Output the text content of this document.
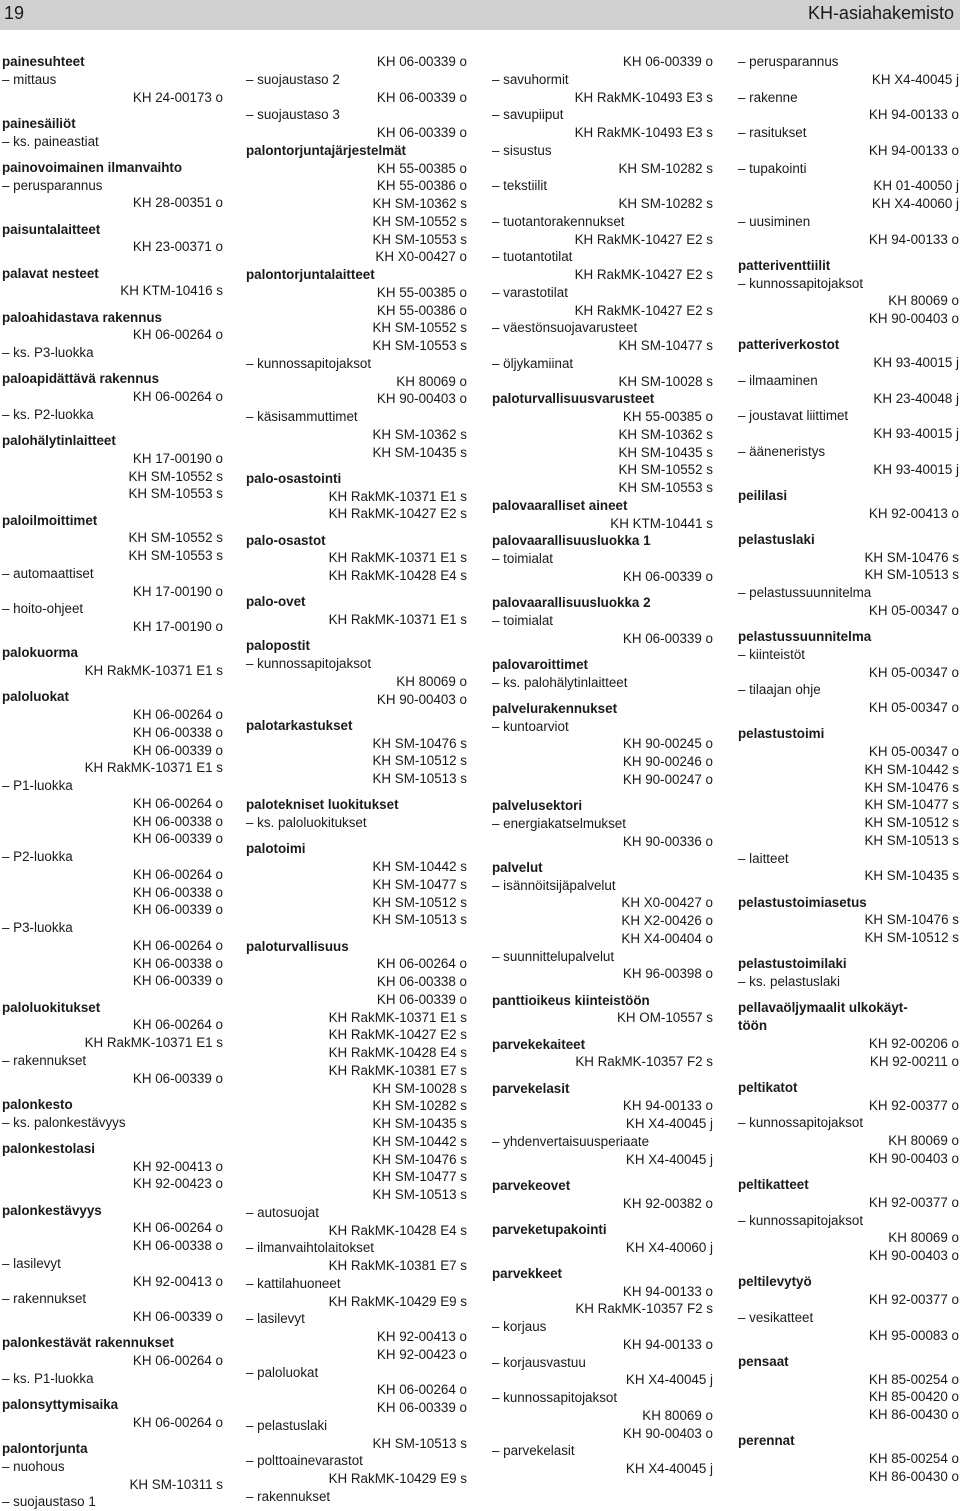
19	KH-asiahakemisto
painesuhteet
– mittaus
KH 24-00173 o
painesäiliöt
– ks. paineastiat
painovoimainen ilmanvaihto
– perusparannus
KH 28-00351 o
paisuntalaitteet
KH 23-00371 o
palavat nesteet
KH KTM-10416 s
paloahidastava rakennus
KH 06-00264 o
– ks. P3-luokka
paloapidättävä rakennus
KH 06-00264 o
– ks. P2-luokka
palohälytinlaitteet
KH 17-00190 o
KH SM-10552 s
KH SM-10553 s
paloilmoittimet
KH SM-10552 s
KH SM-10553 s
– automaattiset
KH 17-00190 o
– hoito-ohjeet
KH 17-00190 o
palokuorma
KH RakMK-10371 E1 s
paloluokat
KH 06-00264 o
KH 06-00338 o
KH 06-00339 o
KH RakMK-10371 E1 s
– P1-luokka
KH 06-00264 o
KH 06-00338 o
KH 06-00339 o
– P2-luokka
KH 06-00264 o
KH 06-00338 o
KH 06-00339 o
– P3-luokka
KH 06-00264 o
KH 06-00338 o
KH 06-00339 o
paloluokitukset
KH 06-00264 o
KH RakMK-10371 E1 s
– rakennukset
KH 06-00339 o
palonkesto
– ks. palonkestävyys
palonkestolasi
KH 92-00413 o
KH 92-00423 o
palonkestävyys
KH 06-00264 o
KH 06-00338 o
– lasilevyt
KH 92-00413 o
– rakennukset
KH 06-00339 o
palonkestävät rakennukset
KH 06-00264 o
– ks. P1-luokka
palonsyttymisaika
KH 06-00264 o
palontorjunta
– nuohous
KH SM-10311 s
– suojaustaso 1
KH 06-00339 o
– suojaustaso 2
KH 06-00339 o
– suojaustaso 3
KH 06-00339 o
palontorjuntajärjestelmät
KH 55-00385 o
KH 55-00386 o
KH SM-10362 s
KH SM-10552 s
KH SM-10553 s
KH X0-00427 o
palontorjuntalaitteet
KH 55-00385 o
KH 55-00386 o
KH SM-10552 s
KH SM-10553 s
– kunnossapitojaksot
KH 80069 o
KH 90-00403 o
– käsisammuttimet
KH SM-10362 s
KH SM-10435 s
palo-osastointi
KH RakMK-10371 E1 s
KH RakMK-10427 E2 s
palo-osastot
KH RakMK-10371 E1 s
KH RakMK-10428 E4 s
palo-ovet
KH RakMK-10371 E1 s
palopostit
– kunnossapitojaksot
KH 80069 o
KH 90-00403 o
palotarkastukset
KH SM-10476 s
KH SM-10512 s
KH SM-10513 s
palotekniset luokitukset
– ks. paloluokitukset
palotoimi
KH SM-10442 s
KH SM-10477 s
KH SM-10512 s
KH SM-10513 s
paloturvallisuus
KH 06-00264 o
KH 06-00338 o
KH 06-00339 o
KH RakMK-10371 E1 s
KH RakMK-10427 E2 s
KH RakMK-10428 E4 s
KH RakMK-10381 E7 s
KH SM-10028 s
KH SM-10282 s
KH SM-10435 s
KH SM-10442 s
KH SM-10476 s
KH SM-10477 s
KH SM-10513 s
– autosuojat
KH RakMK-10428 E4 s
– ilmanvaihtolaitokset
KH RakMK-10381 E7 s
– kattilahuoneet
KH RakMK-10429 E9 s
– lasilevyt
KH 92-00413 o
KH 92-00423 o
– paloluokat
KH 06-00264 o
KH 06-00339 o
– pelastuslaki
KH SM-10513 s
– polttoainevarastot
KH RakMK-10429 E9 s
– rakennukset
KH 06-00339 o
– savuhormit
KH RakMK-10493 E3 s
– savupiiput
KH RakMK-10493 E3 s
– sisustus
KH SM-10282 s
– tekstiilit
KH SM-10282 s
– tuotantorakennukset
KH RakMK-10427 E2 s
– tuotantotilat
KH RakMK-10427 E2 s
– varastotilat
KH RakMK-10427 E2 s
– väestönsuojavarusteet
KH SM-10477 s
– öljykamiinat
KH SM-10028 s
paloturvallisuusvarusteet
KH 55-00385 o
KH SM-10362 s
KH SM-10435 s
KH SM-10552 s
KH SM-10553 s
palovaaralliset aineet
KH KTM-10441 s
palovaarallisuusluokka 1
– toimialat
KH 06-00339 o
palovaarallisuusluokka 2
– toimialat
KH 06-00339 o
palovaroittimet
– ks. palohälytinlaitteet
palvelurakennukset
– kuntoarviot
KH 90-00245 o
KH 90-00246 o
KH 90-00247 o
palvelusektori
– energiakatselmukset
KH 90-00336 o
palvelut
– isännöitsijäpalvelut
KH X0-00427 o
KH X2-00426 o
KH X4-00404 o
– suunnittelupalvelut
KH 96-00398 o
panttioikeus kiinteistöön
KH OM-10557 s
parvekekaiteet
KH RakMK-10357 F2 s
parvekelasit
KH 94-00133 o
KH X4-40045 j
– yhdenvertaisuusperiaate
KH X4-40045 j
parvekeovet
KH 92-00382 o
parveketupakointi
KH X4-40060 j
parvekkeet
KH 94-00133 o
KH RakMK-10357 F2 s
– korjaus
KH 94-00133 o
– korjausvastuu
KH X4-40045 j
– kunnossapitojaksot
KH 80069 o
KH 90-00403 o
– parvekelasit
KH X4-40045 j
– perusparannus
KH X4-40045 j
– rakenne
KH 94-00133 o
– rasitukset
KH 94-00133 o
– tupakointi
KH 01-40050 j
KH X4-40060 j
– uusiminen
KH 94-00133 o
patteriventtiilit
– kunnossapitojaksot
KH 80069 o
KH 90-00403 o
patteriverkostot
KH 93-40015 j
– ilmaaminen
KH 23-40048 j
– joustavat liittimet
KH 93-40015 j
– ääneneristys
KH 93-40015 j
peililasi
KH 92-00413 o
pelastuslaki
KH SM-10476 s
KH SM-10513 s
– pelastussuunnitelma
KH 05-00347 o
pelastussuunnitelma
– kiinteistöt
KH 05-00347 o
– tilaajan ohje
KH 05-00347 o
pelastustoimi
KH 05-00347 o
KH SM-10442 s
KH SM-10476 s
KH SM-10477 s
KH SM-10512 s
KH SM-10513 s
– laitteet
KH SM-10435 s
pelastustoimiasetus
KH SM-10476 s
KH SM-10512 s
pelastustoimilaki
– ks. pelastuslaki
pellavaöljymaalit ulkokäyt-
töön
KH 92-00206 o
KH 92-00211 o
peltikatot
KH 92-00377 o
– kunnossapitojaksot
KH 80069 o
KH 90-00403 o
peltikatteet
KH 92-00377 o
– kunnossapitojaksot
KH 80069 o
KH 90-00403 o
peltilevytyö
KH 92-00377 o
– vesikatteet
KH 95-00083 o
pensaat
KH 85-00254 o
KH 85-00420 o
KH 86-00430 o
perennat
KH 85-00254 o
KH 86-00430 o
